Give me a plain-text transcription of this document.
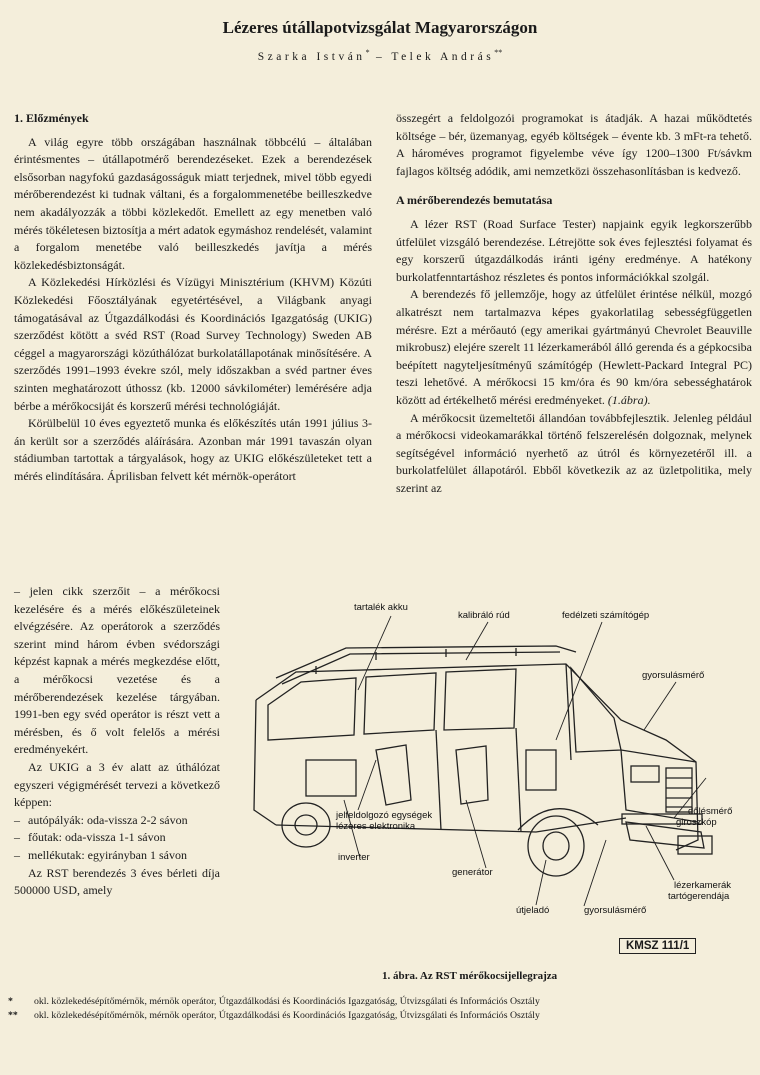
Lézeres útállapotvizsgálat Magyarországon
Szarka István* – Telek András**
1. Előzmények

A világ egyre több országában használnak többcélú – általában érintésmentes – útállapotmérő berendezéseket. Ezek a berendezések elsősorban nagyfokú gazdaságosságuk miatt terjednek, mivel több egyedi mérőberendezést ki tudnak váltani, és a forgalommenetébe beilleszkedve nem akadályozzák a többi közlekedőt. Emellett az egy menetben való mérés tökéletesen biztosítja a mért adatok egymáshoz rendelését, valamint a forgalom menetébe való beilleszkedés javítja a mérés közlekedésbiztonságát.

A Közlekedési Hírközlési és Vízügyi Minisztérium (KHVM) Közúti Közlekedési Főosztályának egyetértésével, a Világbank anyagi támogatásával az Útgazdálkodási és Koordinációs Igazgatóság (UKIG) szerződést kötött a svéd RST (Road Survey Technology) Sweden AB céggel a magyarországi közúthálózat burkolatállapotának minősítésére. A szerződés 1991–1993 évekre szól, mely időszakban a svéd partner éves szinten meghatározott úthossz (kb. 12000 sávkilométer) lemérésére adja bérbe a mérőkocsiját és korszerű mérési technológiáját.

Körülbelül 10 éves egyeztető munka és előkészítés után 1991 július 3-án került sor a szerződés aláírására. Azonban már 1991 tavaszán olyan stádiumban tartottak a tárgyalások, hogy az UKIG előkészületeket tett a mérés elindítására. Áprilisban felvett két mérnök-operátort

– jelen cikk szerzőit – a mérőkocsi kezelésére és a mérés előkészületeinek elvégzésére. Az operátorok a szerződés szerint mind három évben svédországi képzést kapnak a mérés megkezdése előtt, a mérőkocsi vezetése és a mérőberendezések kezelése tárgyában. 1991-ben egy svéd operátor is részt vett a mérésben, és ő volt felelős a mérési eredményekért.

Az UKIG a 3 év alatt az úthálózat egyszeri végigmérését tervezi a következő képpen:

– autópályák: oda-vissza 2-2 sávon

– főutak: oda-vissza 1-1 sávon

– mellékutak: egyirányban 1 sávon

Az RST berendezés 3 éves bérleti díja 500000 USD, amely

összegért a feldolgozói programokat is átadják. A hazai működtetés költsége – bér, üzemanyag, egyéb költségek – évente kb. 3 mFt-ra tehető. A hároméves programot figyelembe véve így 1200–1300 Ft/sávkm fajlagos költség adódik, ami nemzetközi összehasonlításban is kedvező.

A mérőberendezés bemutatása

A lézer RST (Road Surface Tester) napjaink egyik legkorszerűbb útfelület vizsgáló berendezése. Létrejötte sok éves fejlesztési folyamat és egy korszerű útgazdálkodás iránti igény eredménye. A hatékony burkolatfenntartáshoz részletes és pontos információkkal szolgál.

A berendezés fő jellemzője, hogy az útfelület érintése nélkül, mozgó alkatrészt nem tartalmazva képes gyakorlatilag sebességfüggetlen mérésre. Ezt a mérőautó (egy amerikai gyártmányú Chevrolet Beauville mikrobusz) elejére szerelt 11 lézerkamerából álló gerenda és a gépkocsiba beépített nagyteljesítményű számítógép (Hewlett-Packard Integral PC) teszi lehetővé. A mérőkocsi 15 km/óra és 90 km/óra sebességhatárok között ad értékelhető mérési eredményeket. (1.ábra).

A mérőkocsit üzemeltetői állandóan továbbfejlesztik. Jelenleg például a mérőkocsi videokamarákkal történő felszerelésén dolgoznak, melynek segítségével információ nyerhető az útról és környezetéről ill. a burkolatfelület állapotáról. Ebből következik az az üzletpolitika, mely szerint az

tartalék akku
kalibráló rúd	fedélzeti számítógép
gyorsulásmérő
jelfeldolgozó egységek
lézeres elektronika
inverter
generátor
dőlésmérő
giroszkóp
lézerkamerák
tartógerendája
útjeladó	gyorsulásmérő
KMSZ 111/1
1. ábra. Az RST mérőkocsijellegrajza
* okl. közlekedésépítőmérnök, mérnök operátor, Útgazdálkodási és Koordinációs Igazgatóság, Útvizsgálati és Információs Osztály
** okl. közlekedésépítőmérnök, mérnök operátor, Útgazdálkodási és Koordinációs Igazgatóság, Útvizsgálati és Információs Osztály
